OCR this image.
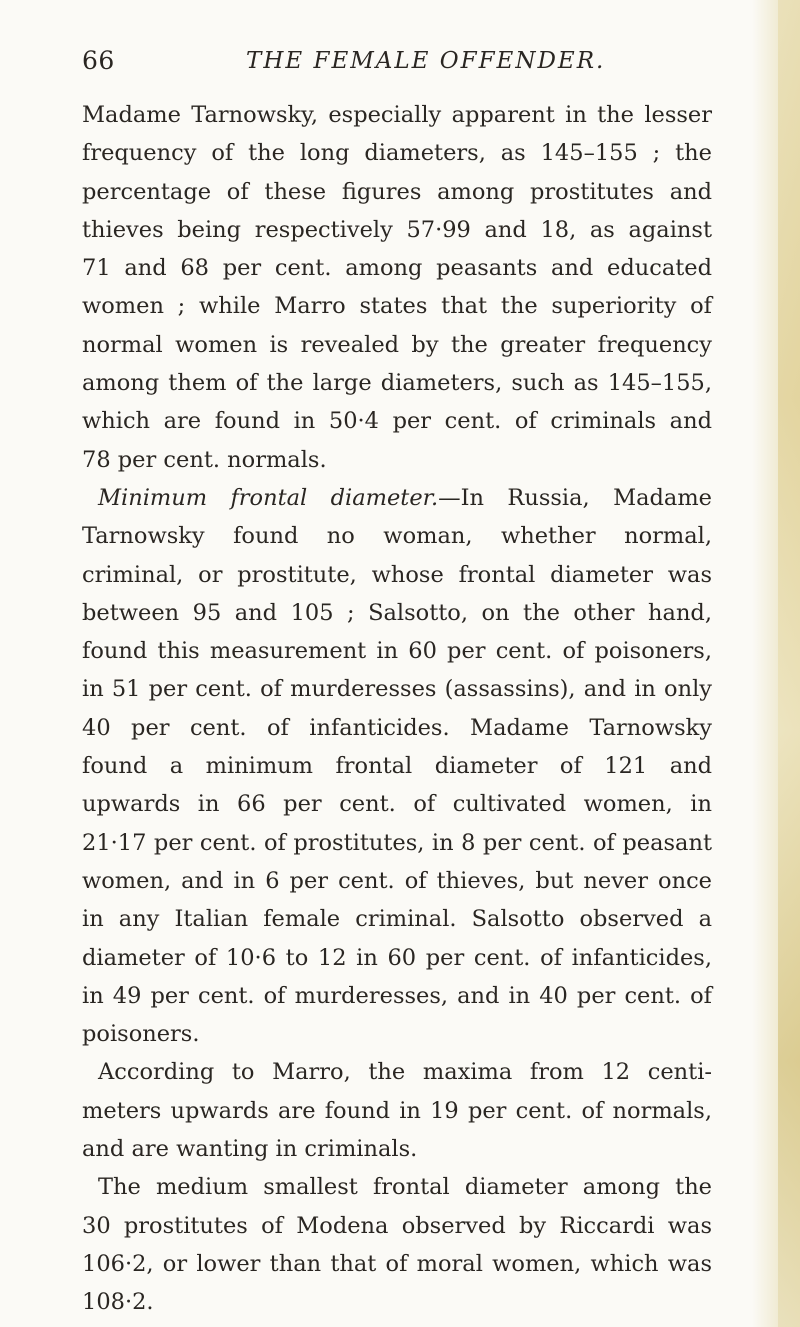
66	THE FEMALE OFFENDER.
Madame Tarnowsky, especially apparent in the lesser
frequency of the long diameters, as 145–155 ; the
percentage of these figures among prostitutes and
thieves being respectively 57·99 and 18, as against
71 and 68 per cent. among peasants and educated
women ; while Marro states that the superiority of
normal women is revealed by the greater frequency
among them of the large diameters, such as 145–155,
which are found in 50·4 per cent. of criminals and
78 per cent. normals.
Minimum frontal diameter.—In Russia, Madame
Tarnowsky found no woman, whether normal,
criminal, or prostitute, whose frontal diameter was
between 95 and 105 ; Salsotto, on the other hand,
found this measurement in 60 per cent. of poisoners,
in 51 per cent. of murderesses (assassins), and in only
40 per cent. of infanticides. Madame Tarnowsky
found a minimum frontal diameter of 121 and
upwards in 66 per cent. of cultivated women, in
21·17 per cent. of prostitutes, in 8 per cent. of peasant
women, and in 6 per cent. of thieves, but never once
in any Italian female criminal. Salsotto observed a
diameter of 10·6 to 12 in 60 per cent. of infanticides,
in 49 per cent. of murderesses, and in 40 per cent. of
poisoners.
According to Marro, the maxima from 12 centi-
meters upwards are found in 19 per cent. of normals,
and are wanting in criminals.
The medium smallest frontal diameter among the
30 prostitutes of Modena observed by Riccardi was
106·2, or lower than that of moral women, which was
108·2.
